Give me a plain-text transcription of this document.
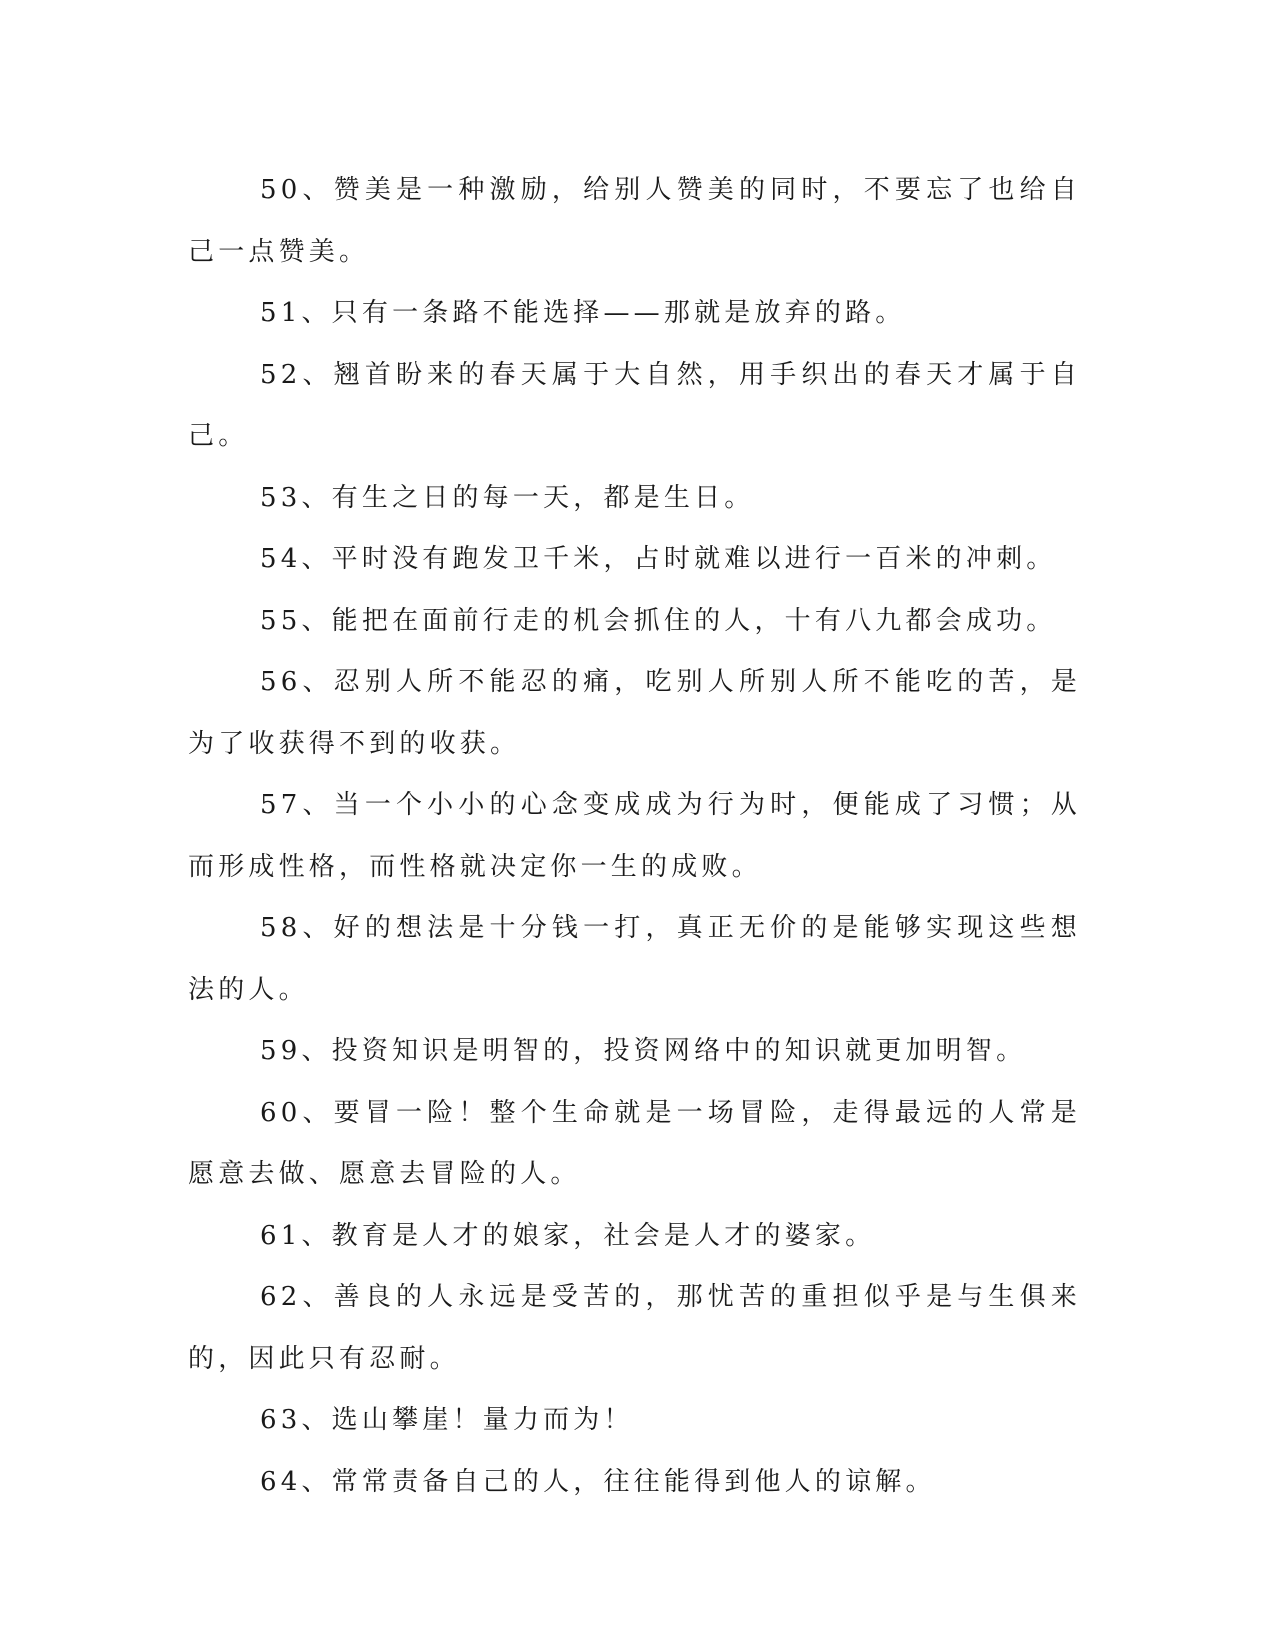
50、赞美是一种激励，给别人赞美的同时，不要忘了也给自己一点赞美。

51、只有一条路不能选择——那就是放弃的路。

52、翘首盼来的春天属于大自然，用手织出的春天才属于自己。

53、有生之日的每一天，都是生日。

54、平时没有跑发卫千米，占时就难以进行一百米的冲刺。

55、能把在面前行走的机会抓住的人，十有八九都会成功。

56、忍别人所不能忍的痛，吃别人所别人所不能吃的苦，是为了收获得不到的收获。

57、当一个小小的心念变成成为行为时，便能成了习惯；从而形成性格，而性格就决定你一生的成败。

58、好的想法是十分钱一打，真正无价的是能够实现这些想法的人。

59、投资知识是明智的，投资网络中的知识就更加明智。

60、要冒一险！整个生命就是一场冒险，走得最远的人常是愿意去做、愿意去冒险的人。

61、教育是人才的娘家，社会是人才的婆家。

62、善良的人永远是受苦的，那忧苦的重担似乎是与生俱来的，因此只有忍耐。

63、选山攀崖！量力而为！

64、常常责备自己的人，往往能得到他人的谅解。
